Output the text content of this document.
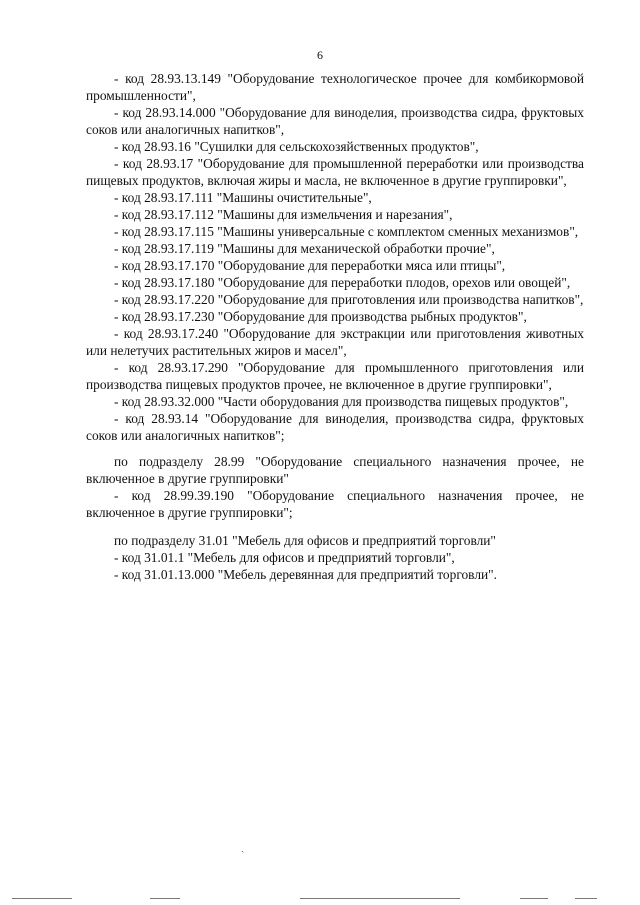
6

- код 28.93.13.149 "Оборудование технологическое прочее для комбикормовой промышленности",

- код 28.93.14.000 "Оборудование для виноделия, производства сидра, фруктовых соков или аналогичных напитков",

- код 28.93.16 "Сушилки для сельскохозяйственных продуктов",

- код 28.93.17 "Оборудование для промышленной переработки или производства пищевых продуктов, включая жиры и масла, не включенное в другие группировки",

- код 28.93.17.111 "Машины очистительные",

- код 28.93.17.112 "Машины для измельчения и нарезания",

- код 28.93.17.115 "Машины универсальные с комплектом сменных механизмов",

- код 28.93.17.119 "Машины для механической обработки прочие",

- код 28.93.17.170 "Оборудование для переработки мяса или птицы",

- код 28.93.17.180 "Оборудование для переработки плодов, орехов или овощей",

- код 28.93.17.220 "Оборудование для приготовления или производства напитков",

- код 28.93.17.230 "Оборудование для производства рыбных продуктов",

- код 28.93.17.240 "Оборудование для экстракции или приготовления животных или нелетучих растительных жиров и масел",

- код 28.93.17.290 "Оборудование для промышленного приготовления или производства пищевых продуктов прочее, не включенное в другие группировки",

- код 28.93.32.000 "Части оборудования для производства пищевых продуктов",

- код 28.93.14 "Оборудование для виноделия, производства сидра, фруктовых соков или аналогичных напитков";

по подразделу 28.99 "Оборудование специального назначения прочее, не включенное в другие группировки"

- код 28.99.39.190 "Оборудование специального назначения прочее, не включенное в другие группировки";

по подразделу 31.01 "Мебель для офисов и предприятий торговли"

- код 31.01.1 "Мебель для офисов и предприятий торговли",

- код 31.01.13.000 "Мебель деревянная для предприятий торговли".

ˏ
